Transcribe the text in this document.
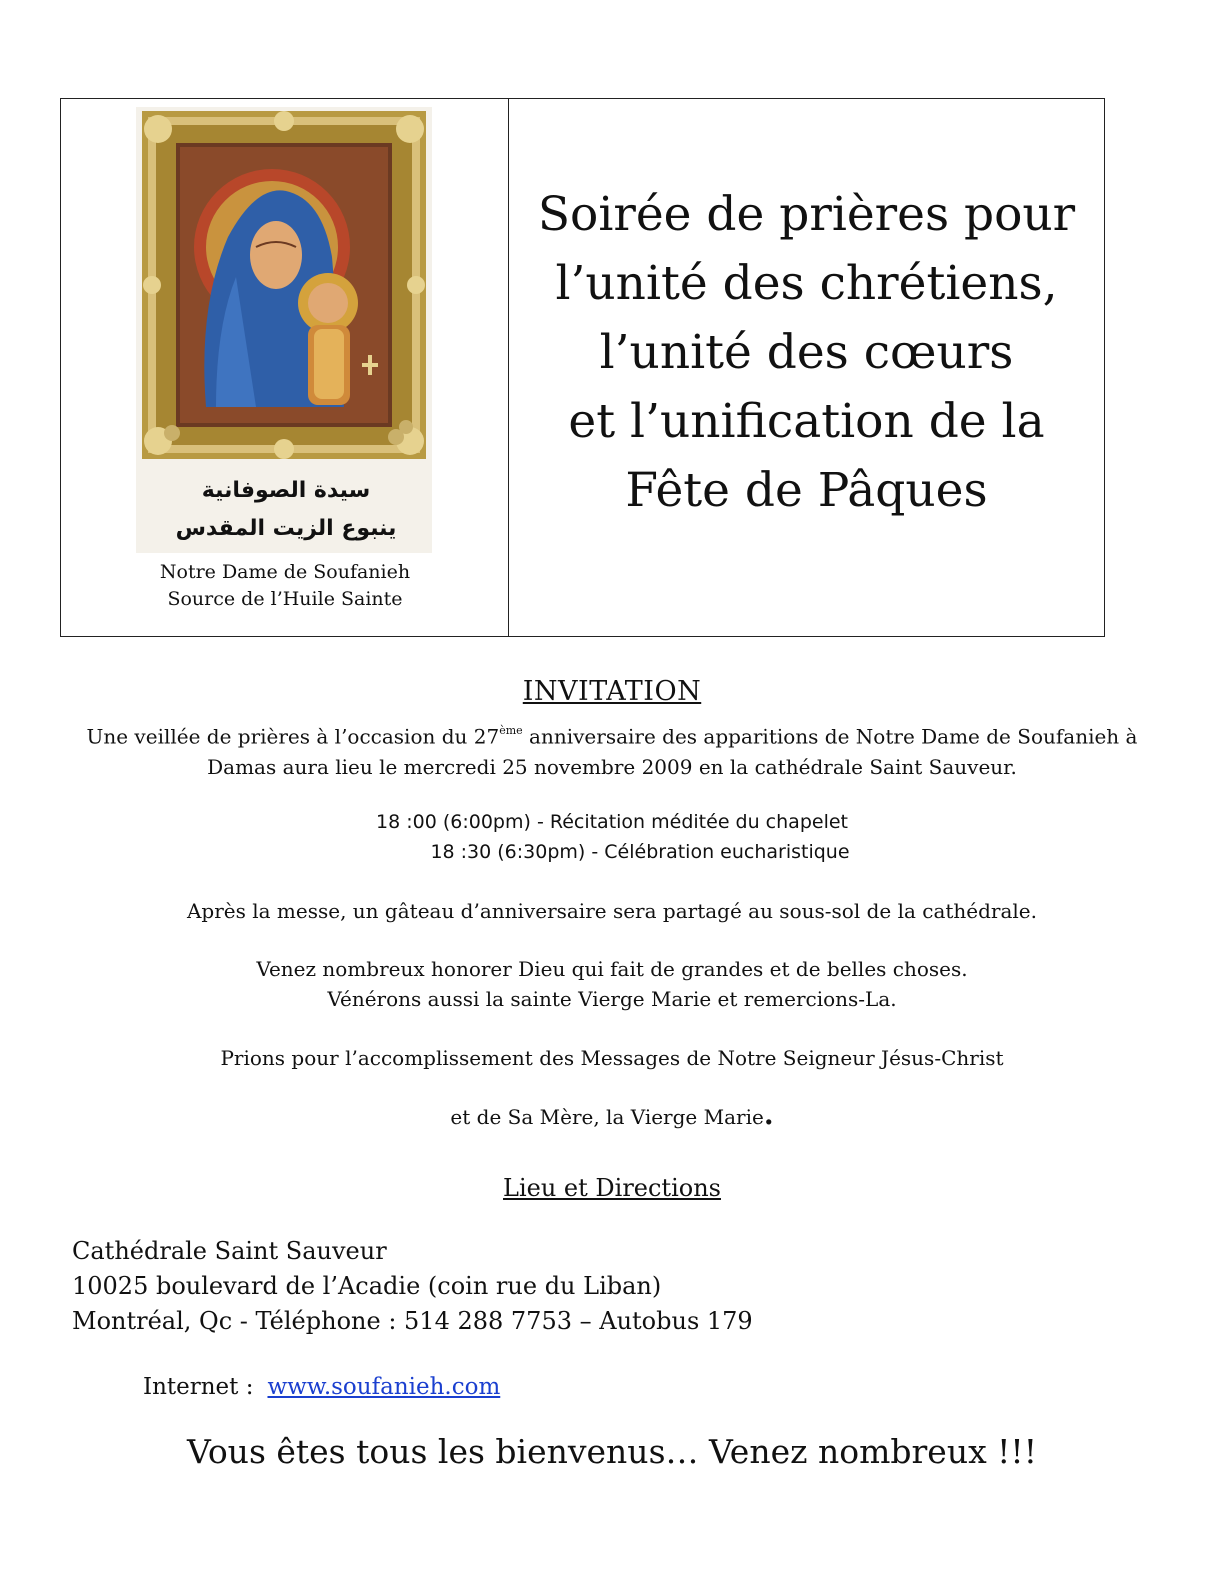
سيدة الصوفانية
ينبوع الزيت المقدس
Notre Dame de Soufanieh
Source de l’Huile Sainte
Soirée de prières pour
l’unité des chrétiens,
l’unité des cœurs
et l’unification de la
Fête de Pâques
INVITATION
Une veillée de prières à l’occasion du 27ème anniversaire des apparitions de Notre Dame de Soufanieh à
Damas aura lieu le mercredi 25 novembre 2009 en la cathédrale Saint Sauveur.
18 :00 (6:00pm) - Récitation méditée du chapelet
18 :30 (6:30pm) - Célébration eucharistique
Après la messe, un gâteau d’anniversaire sera partagé au sous-sol de la cathédrale.
Venez nombreux honorer Dieu qui fait de grandes et de belles choses.
Vénérons aussi la sainte Vierge Marie et remercions-La.
Prions pour l’accomplissement des Messages de Notre Seigneur Jésus-Christ
et de Sa Mère, la Vierge Marie.
Lieu et Directions
Cathédrale Saint Sauveur
10025 boulevard de l’Acadie (coin rue du Liban)
Montréal, Qc - Téléphone : 514 288 7753 – Autobus 179
Internet : www.soufanieh.com
Vous êtes tous les bienvenus… Venez nombreux !!!
